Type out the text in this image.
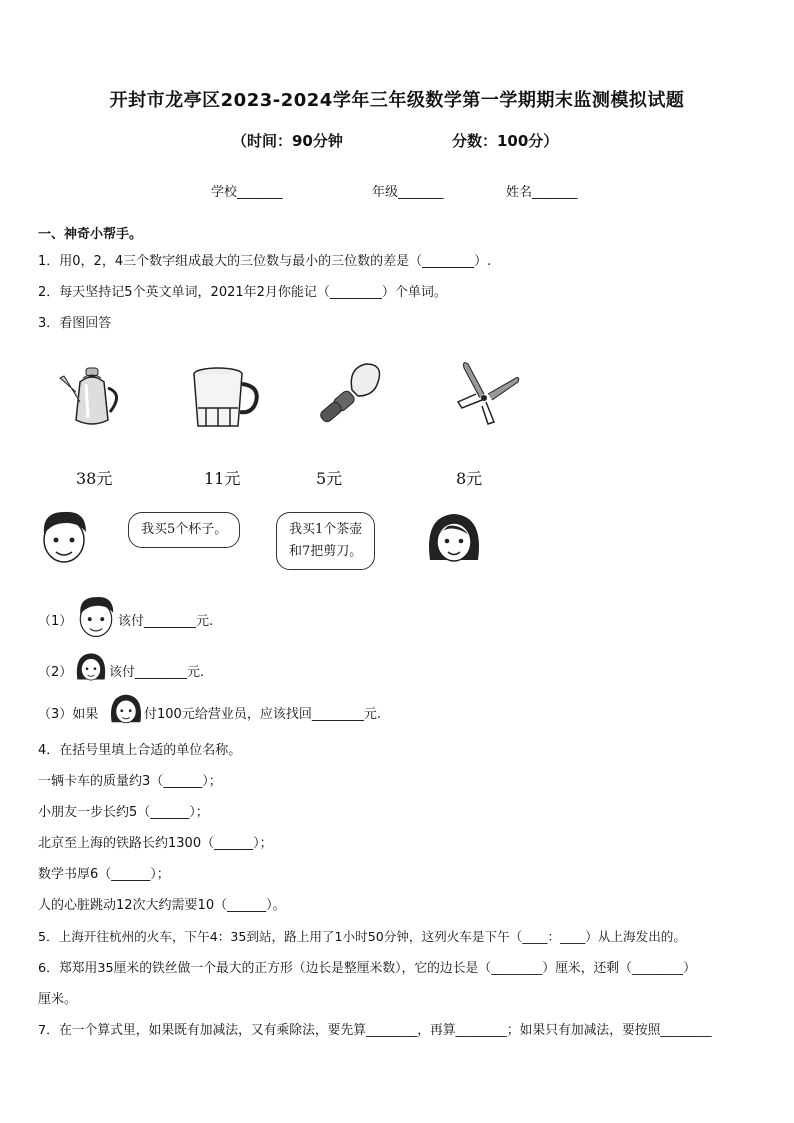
开封市龙亭区2023-2024学年三年级数学第一学期期末监测模拟试题
（时间：90分钟	分数：100分）
学校_______	年级_______	姓名_______
一、神奇小帮手。
1．用0，2，4三个数字组成最大的三位数与最小的三位数的差是（________）.
2．每天坚持记5个英文单词，2021年2月你能记（________）个单词。
3．看图回答
38元	11元	5元	8元
我买5个杯子。	我买1个茶壶
和7把剪刀。
（1）	该付________元.
（2）	该付________元.
（3）如果	付100元给营业员，应该找回________元.
4．在括号里填上合适的单位名称。
一辆卡车的质量约3（______）；
小朋友一步长约5（______）；
北京至上海的铁路长约1300（______）；
数学书厚6（______）；
人的心脏跳动12次大约需要10（______）。
5．上海开往杭州的火车，下午4：35到站，路上用了1小时50分钟，这列火车是下午（____：____）从上海发出的。
6．郑郑用35厘米的铁丝做一个最大的正方形（边长是整厘米数），它的边长是（________）厘米，还剩（________）
厘米。
7．在一个算式里，如果既有加减法，又有乘除法，要先算________，再算________；如果只有加减法，要按照________
